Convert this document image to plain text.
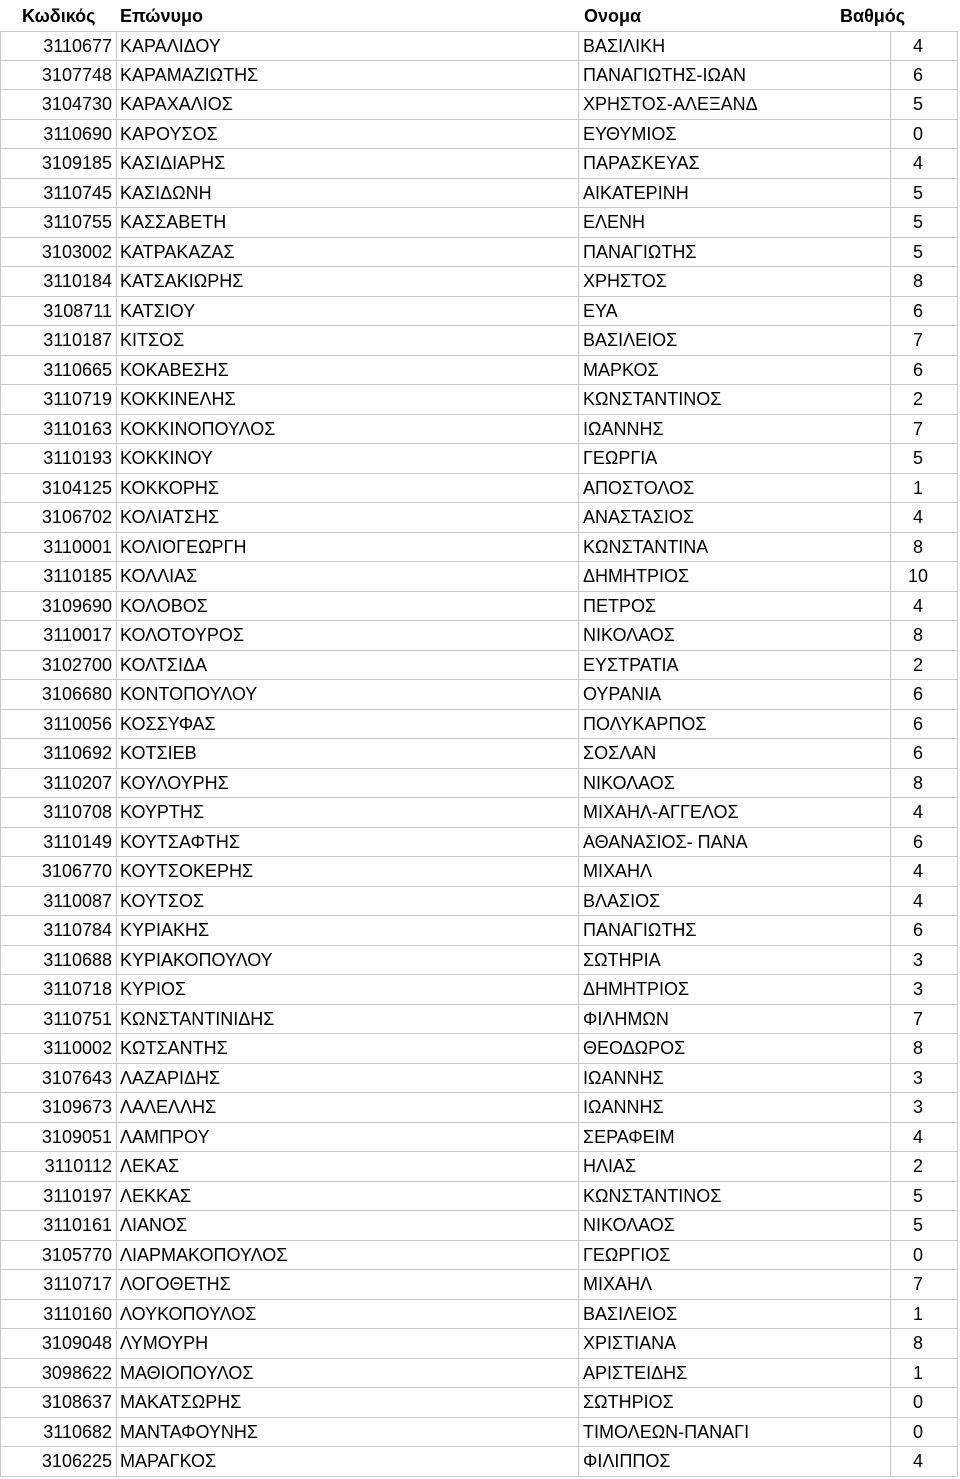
Κωδικός	Επώνυμο	Ονομα	Βαθμός
3110677 ΚΑΡΑΛΙΔΟΥ	ΒΑΣΙΛΙΚΗ	4
3107748 ΚΑΡΑΜΑΖΙΩΤΗΣ	ΠΑΝΑΓΙΩΤΗΣ-ΙΩΑΝ	6
3104730 ΚΑΡΑΧΑΛΙΟΣ	ΧΡΗΣΤΟΣ-ΑΛΕΞΑΝΔ	5
3110690 ΚΑΡΟΥΣΟΣ	ΕΥΘΥΜΙΟΣ	0
3109185 ΚΑΣΙΔΙΑΡΗΣ	ΠΑΡΑΣΚΕΥΑΣ	4
3110745 ΚΑΣΙΔΩΝΗ	ΑΙΚΑΤΕΡΙΝΗ	5
3110755 ΚΑΣΣΑΒΕΤΗ	ΕΛΕΝΗ	5
3103002 ΚΑΤΡΑΚΑΖΑΣ	ΠΑΝΑΓΙΩΤΗΣ	5
3110184 ΚΑΤΣΑΚΙΩΡΗΣ	ΧΡΗΣΤΟΣ	8
3108711 ΚΑΤΣΙΟΥ	ΕΥΑ	6
3110187 ΚΙΤΣΟΣ	ΒΑΣΙΛΕΙΟΣ	7
3110665 ΚΟΚΑΒΕΣΗΣ	ΜΑΡΚΟΣ	6
3110719 ΚΟΚΚΙΝΕΛΗΣ	ΚΩΝΣΤΑΝΤΙΝΟΣ	2
3110163 ΚΟΚΚΙΝΟΠΟΥΛΟΣ	ΙΩΑΝΝΗΣ	7
3110193 ΚΟΚΚΙΝΟΥ	ΓΕΩΡΓΙΑ	5
3104125 ΚΟΚΚΟΡΗΣ	ΑΠΟΣΤΟΛΟΣ	1
3106702 ΚΟΛΙΑΤΣΗΣ	ΑΝΑΣΤΑΣΙΟΣ	4
3110001 ΚΟΛΙΟΓΕΩΡΓΗ	ΚΩΝΣΤΑΝΤΙΝΑ	8
3110185 ΚΟΛΛΙΑΣ	ΔΗΜΗΤΡΙΟΣ	10
3109690 ΚΟΛΟΒΟΣ	ΠΕΤΡΟΣ	4
3110017 ΚΟΛΟΤΟΥΡΟΣ	ΝΙΚΟΛΑΟΣ	8
3102700 ΚΟΛΤΣΙΔΑ	ΕΥΣΤΡΑΤΙΑ	2
3106680 ΚΟΝΤΟΠΟΥΛΟΥ	ΟΥΡΑΝΙΑ	6
3110056 ΚΟΣΣΥΦΑΣ	ΠΟΛΥΚΑΡΠΟΣ	6
3110692 ΚΟΤΣΙΕΒ	ΣΟΣΛΑΝ	6
3110207 ΚΟΥΛΟΥΡΗΣ	ΝΙΚΟΛΑΟΣ	8
3110708 ΚΟΥΡΤΗΣ	ΜΙΧΑΗΛ-ΑΓΓΕΛΟΣ	4
3110149 ΚΟΥΤΣΑΦΤΗΣ	ΑΘΑΝΑΣΙΟΣ- ΠΑΝΑ	6
3106770 ΚΟΥΤΣΟΚΕΡΗΣ	ΜΙΧΑΗΛ	4
3110087 ΚΟΥΤΣΟΣ	ΒΛΑΣΙΟΣ	4
3110784 ΚΥΡΙΑΚΗΣ	ΠΑΝΑΓΙΩΤΗΣ	6
3110688 ΚΥΡΙΑΚΟΠΟΥΛΟΥ	ΣΩΤΗΡΙΑ	3
3110718 ΚΥΡΙΟΣ	ΔΗΜΗΤΡΙΟΣ	3
3110751 ΚΩΝΣΤΑΝΤΙΝΙΔΗΣ	ΦΙΛΗΜΩΝ	7
3110002 ΚΩΤΣΑΝΤΗΣ	ΘΕΟΔΩΡΟΣ	8
3107643 ΛΑΖΑΡΙΔΗΣ	ΙΩΑΝΝΗΣ	3
3109673 ΛΑΛΕΛΛΗΣ	ΙΩΑΝΝΗΣ	3
3109051 ΛΑΜΠΡΟΥ	ΣΕΡΑΦΕΙΜ	4
3110112 ΛΕΚΑΣ	ΗΛΙΑΣ	2
3110197 ΛΕΚΚΑΣ	ΚΩΝΣΤΑΝΤΙΝΟΣ	5
3110161 ΛΙΑΝΟΣ	ΝΙΚΟΛΑΟΣ	5
3105770 ΛΙΑΡΜΑΚΟΠΟΥΛΟΣ	ΓΕΩΡΓΙΟΣ	0
3110717 ΛΟΓΟΘΕΤΗΣ	ΜΙΧΑΗΛ	7
3110160 ΛΟΥΚΟΠΟΥΛΟΣ	ΒΑΣΙΛΕΙΟΣ	1
3109048 ΛΥΜΟΥΡΗ	ΧΡΙΣΤΙΑΝΑ	8
3098622 ΜΑΘΙΟΠΟΥΛΟΣ	ΑΡΙΣΤΕΙΔΗΣ	1
3108637 ΜΑΚΑΤΣΩΡΗΣ	ΣΩΤΗΡΙΟΣ	0
3110682 ΜΑΝΤΑΦΟΥΝΗΣ	ΤΙΜΟΛΕΩΝ-ΠΑΝΑΓΙ	0
3106225 ΜΑΡΑΓΚΟΣ	ΦΙΛΙΠΠΟΣ	4
